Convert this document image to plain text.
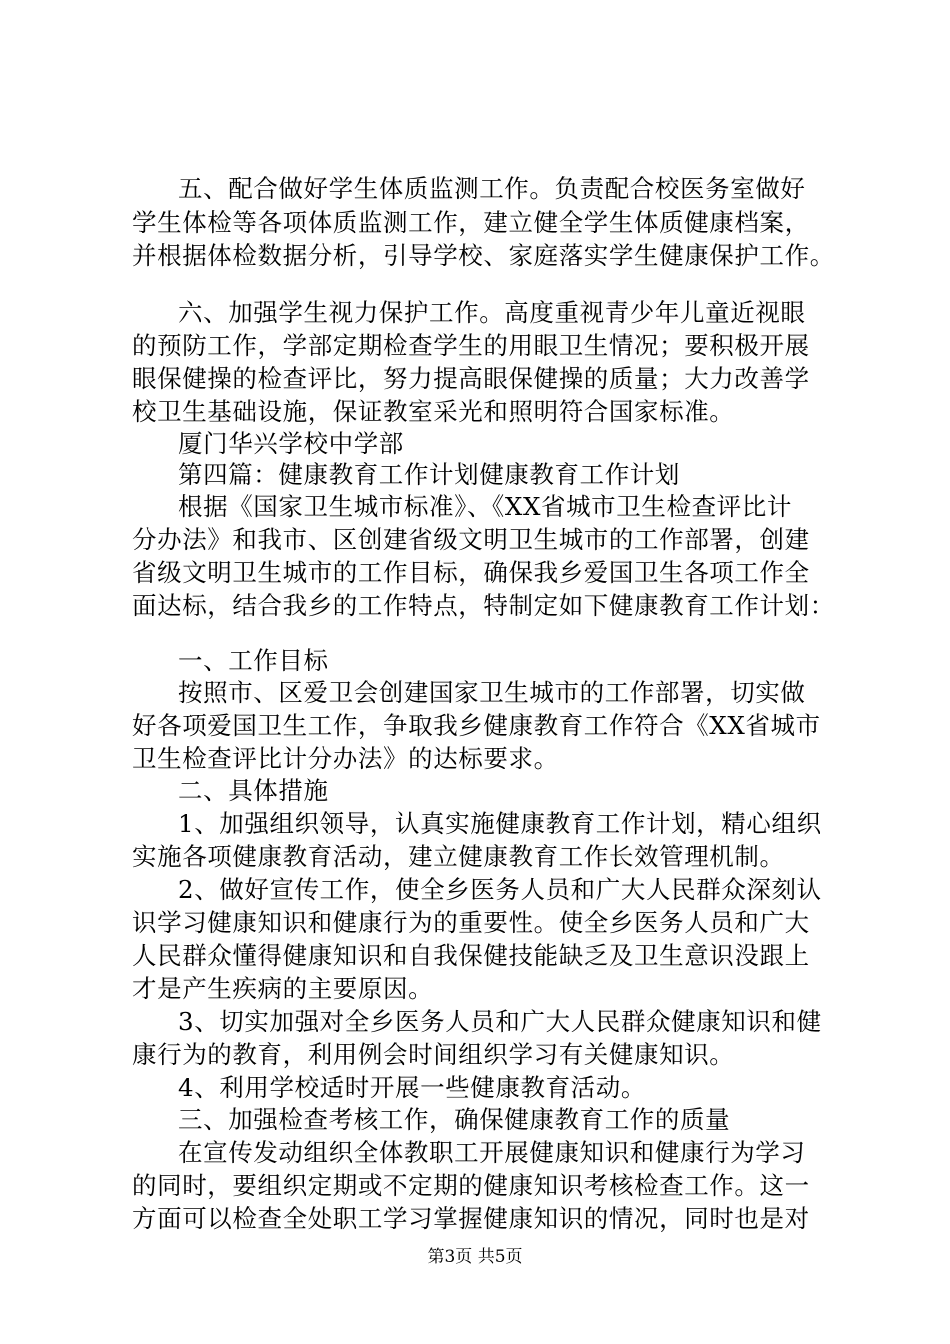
五、配合做好学生体质监测工作。负责配合校医务室做好
学生体检等各项体质监测工作，建立健全学生体质健康档案，
并根据体检数据分析，引导学校、家庭落实学生健康保护工作。
六、加强学生视力保护工作。高度重视青少年儿童近视眼
的预防工作，学部定期检查学生的用眼卫生情况；要积极开展
眼保健操的检查评比，努力提高眼保健操的质量；大力改善学
校卫生基础设施，保证教室采光和照明符合国家标准。
厦门华兴学校中学部
第四篇：健康教育工作计划健康教育工作计划
根据《国家卫生城市标准》、《XX省城市卫生检查评比计
分办法》和我市、区创建省级文明卫生城市的工作部署，创建
省级文明卫生城市的工作目标，确保我乡爱国卫生各项工作全
面达标，结合我乡的工作特点，特制定如下健康教育工作计划：
一、工作目标
按照市、区爱卫会创建国家卫生城市的工作部署，切实做
好各项爱国卫生工作，争取我乡健康教育工作符合《XX省城市
卫生检查评比计分办法》的达标要求。
二、具体措施
1、加强组织领导，认真实施健康教育工作计划，精心组织
实施各项健康教育活动，建立健康教育工作长效管理机制。
2、做好宣传工作，使全乡医务人员和广大人民群众深刻认
识学习健康知识和健康行为的重要性。使全乡医务人员和广大
人民群众懂得健康知识和自我保健技能缺乏及卫生意识没跟上
才是产生疾病的主要原因。
3、切实加强对全乡医务人员和广大人民群众健康知识和健
康行为的教育，利用例会时间组织学习有关健康知识。
4、利用学校适时开展一些健康教育活动。
三、加强检查考核工作，确保健康教育工作的质量
在宣传发动组织全体教职工开展健康知识和健康行为学习
的同时，要组织定期或不定期的健康知识考核检查工作。这一
方面可以检查全处职工学习掌握健康知识的情况，同时也是对
第3页 共5页
